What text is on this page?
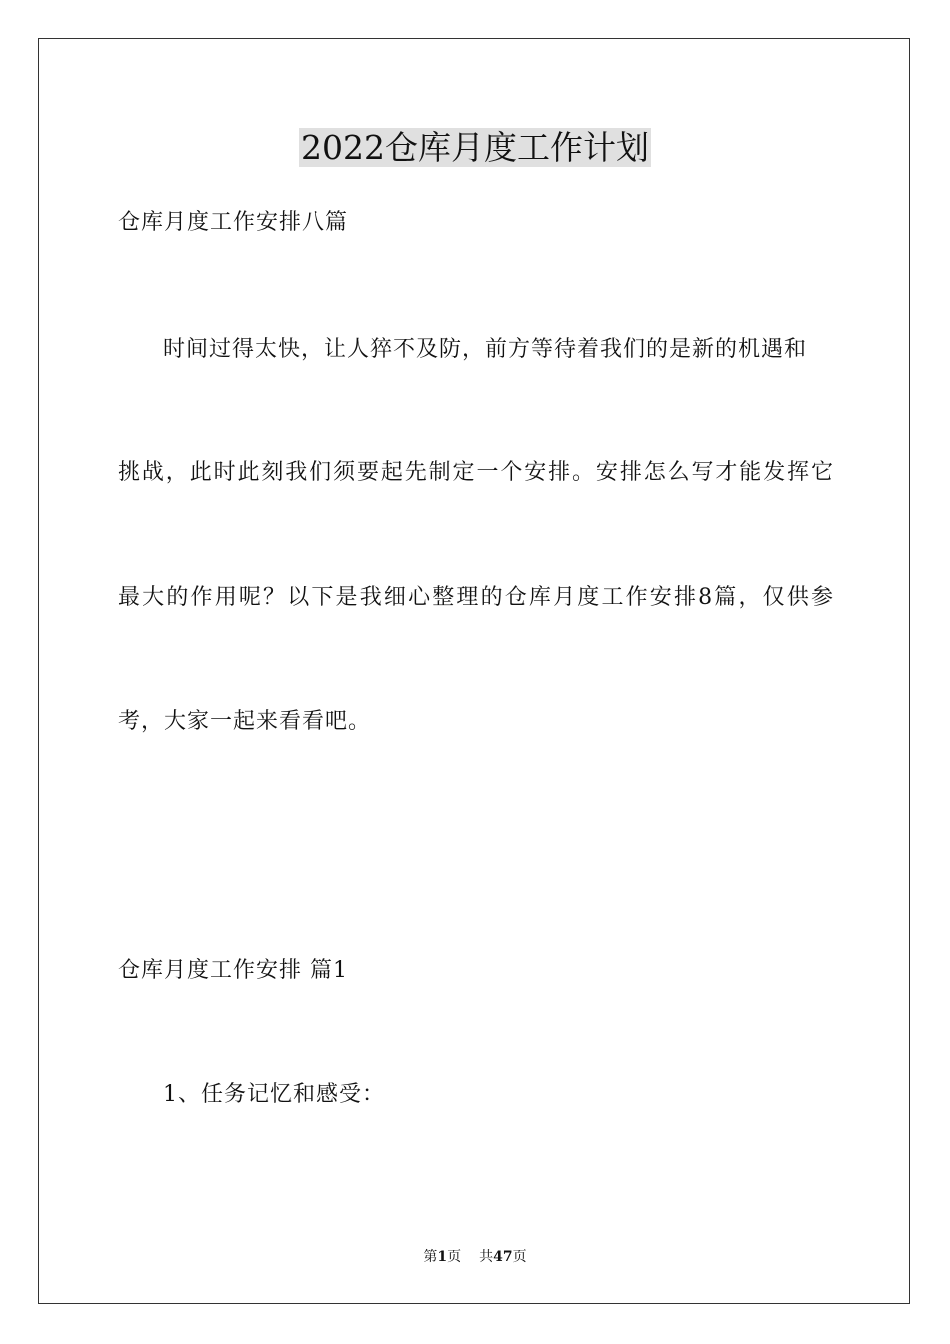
2022仓库月度工作计划
仓库月度工作安排八篇
时间过得太快，让人猝不及防，前方等待着我们的是新的机遇和
挑战，此时此刻我们须要起先制定一个安排。安排怎么写才能发挥它
最大的作用呢？以下是我细心整理的仓库月度工作安排8篇，仅供参
考，大家一起来看看吧。
仓库月度工作安排 篇1
1、任务记忆和感受：
第1页 共47页
